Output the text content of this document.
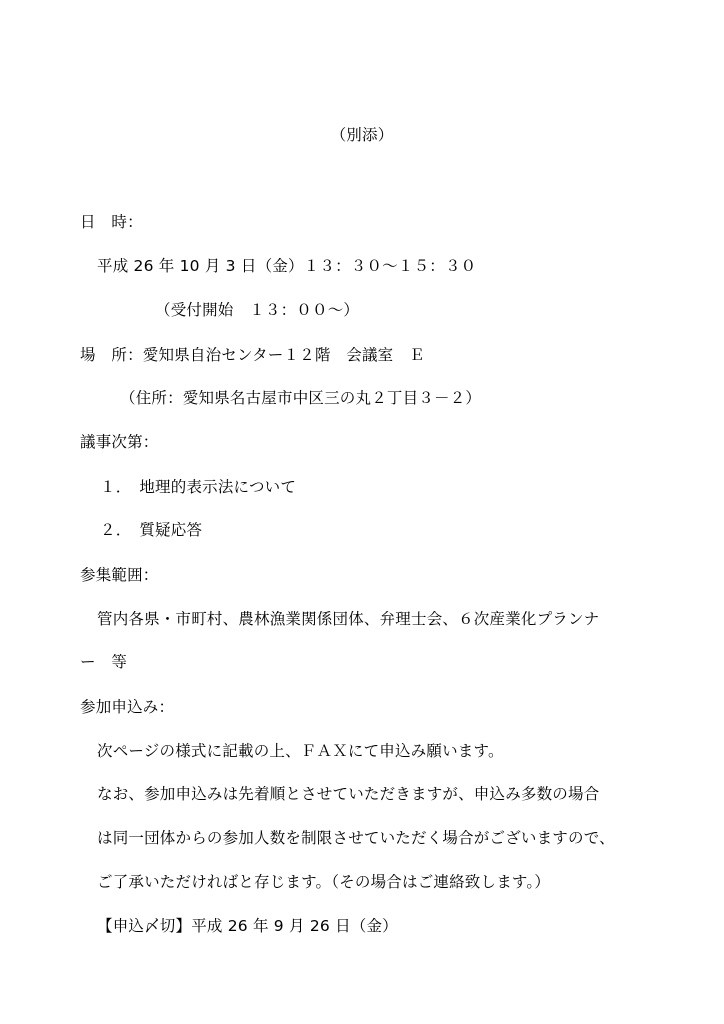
（別添）
日　時：
平成 26 年 10 月 3 日（金）１３：３０～１５：３０
（受付開始　１３：００～）
場　所：愛知県自治センター１２階　会議室　Ｅ
（住所：愛知県名古屋市中区三の丸２丁目３－２）
議事次第：
１．　地理的表示法について
２．　質疑応答
参集範囲：
管内各県・市町村、農林漁業関係団体、弁理士会、６次産業化プランナ
ー　等
参加申込み：
次ページの様式に記載の上、ＦＡＸにて申込み願います。
なお、参加申込みは先着順とさせていただきますが、申込み多数の場合
は同一団体からの参加人数を制限させていただく場合がございますので、
ご了承いただければと存じます。（その場合はご連絡致します。）
【申込〆切】平成 26 年 9 月 26 日（金）
